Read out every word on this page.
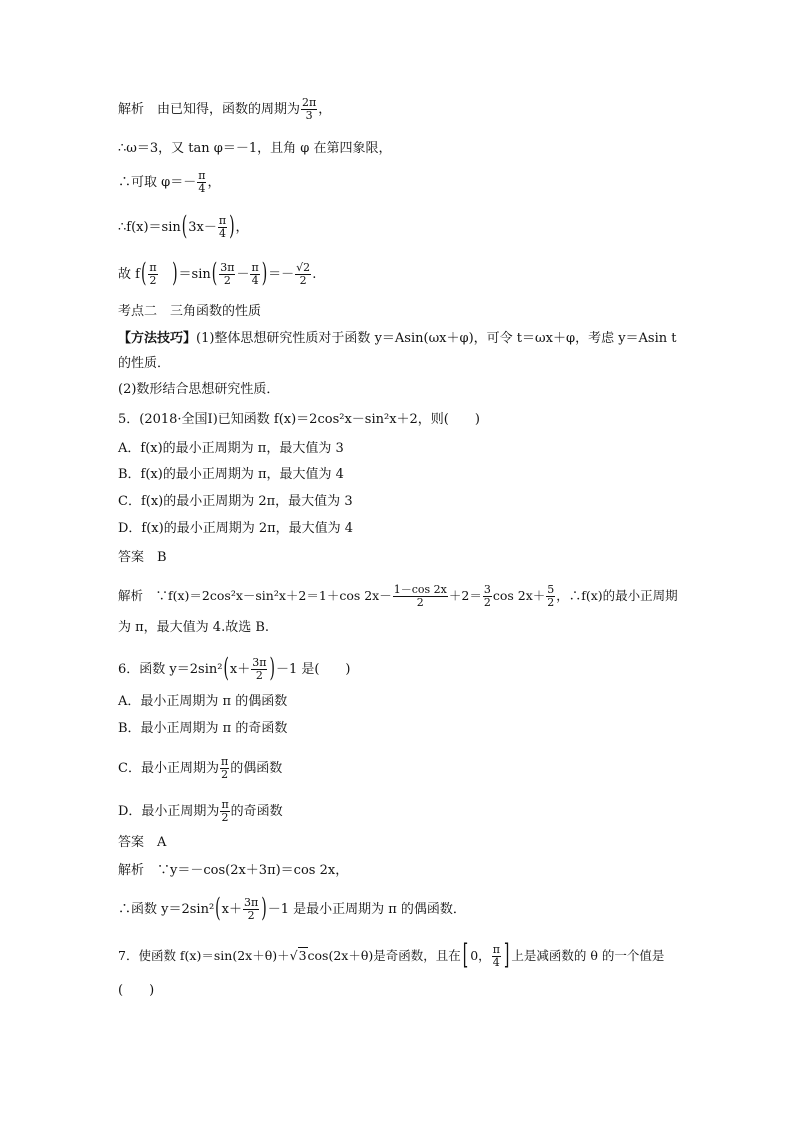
解析　由已知得，函数的周期为 $\frac{2\pi}{3}$ ，
∴ω＝3，又 tan φ＝－1，且角 φ 在第四象限，
∴可取 $\varphi=- \frac{\pi}{4}$ ，
∴f(x)＝sin(3x－ $\frac{\pi}{4}$ )，
故 $f( \frac{\pi}{2} )=\sin( \frac{3\pi}{2} - \frac{\pi}{4}$ )＝－ $\frac{√2}{2}$ .
考点二　三角函数的性质
【方法技巧】(1)整体思想研究性质对于函数 y＝Asin(ωx＋φ)，可令 t＝ωx＋φ，考虑 y＝Asin t
的性质．
(2)数形结合思想研究性质．
5．(2018·全国Ⅰ)已知函数 f(x)＝2cos²x－sin²x＋2，则(　　)
A．f(x)的最小正周期为 π，最大值为 3
B．f(x)的最小正周期为 π，最大值为 4
C．f(x)的最小正周期为 2π，最大值为 3
D．f(x)的最小正周期为 2π，最大值为 4
答案　B
解析　∵f(x)＝2cos²x－sin²x＋2＝1＋cos $2x- \frac{1-\cos 2x}{2} +2= \frac{3}{2}$ $\cos 2x+ \frac{5}{2}$ ，∴f(x)的最小正周期
为 π，最大值为 4.故选 B.
6．函数 $y=2\sin^2(x+ \frac{3\pi}{2} )-1$ 是(　　)
A．最小正周期为 π 的偶函数
B．最小正周期为 π 的奇函数
C．最小正周期为 $\frac{\pi}{2}$ 的偶函数
D．最小正周期为 $\frac{\pi}{2}$ 的奇函数
答案　A
解析　∵y＝－cos(2x＋3π)＝cos 2x，
∴函数 $y=2\sin^2(x+ \frac{3\pi}{2} )-1$ 是最小正周期为 π 的偶函数．
7．使函数 f(x)＝sin(2x＋θ)＋√3cos(2x＋θ)是奇函数，且在 [ 0， $\frac{\pi}{4}$ ] 上是减函数的 θ 的一个值是
(　　)
